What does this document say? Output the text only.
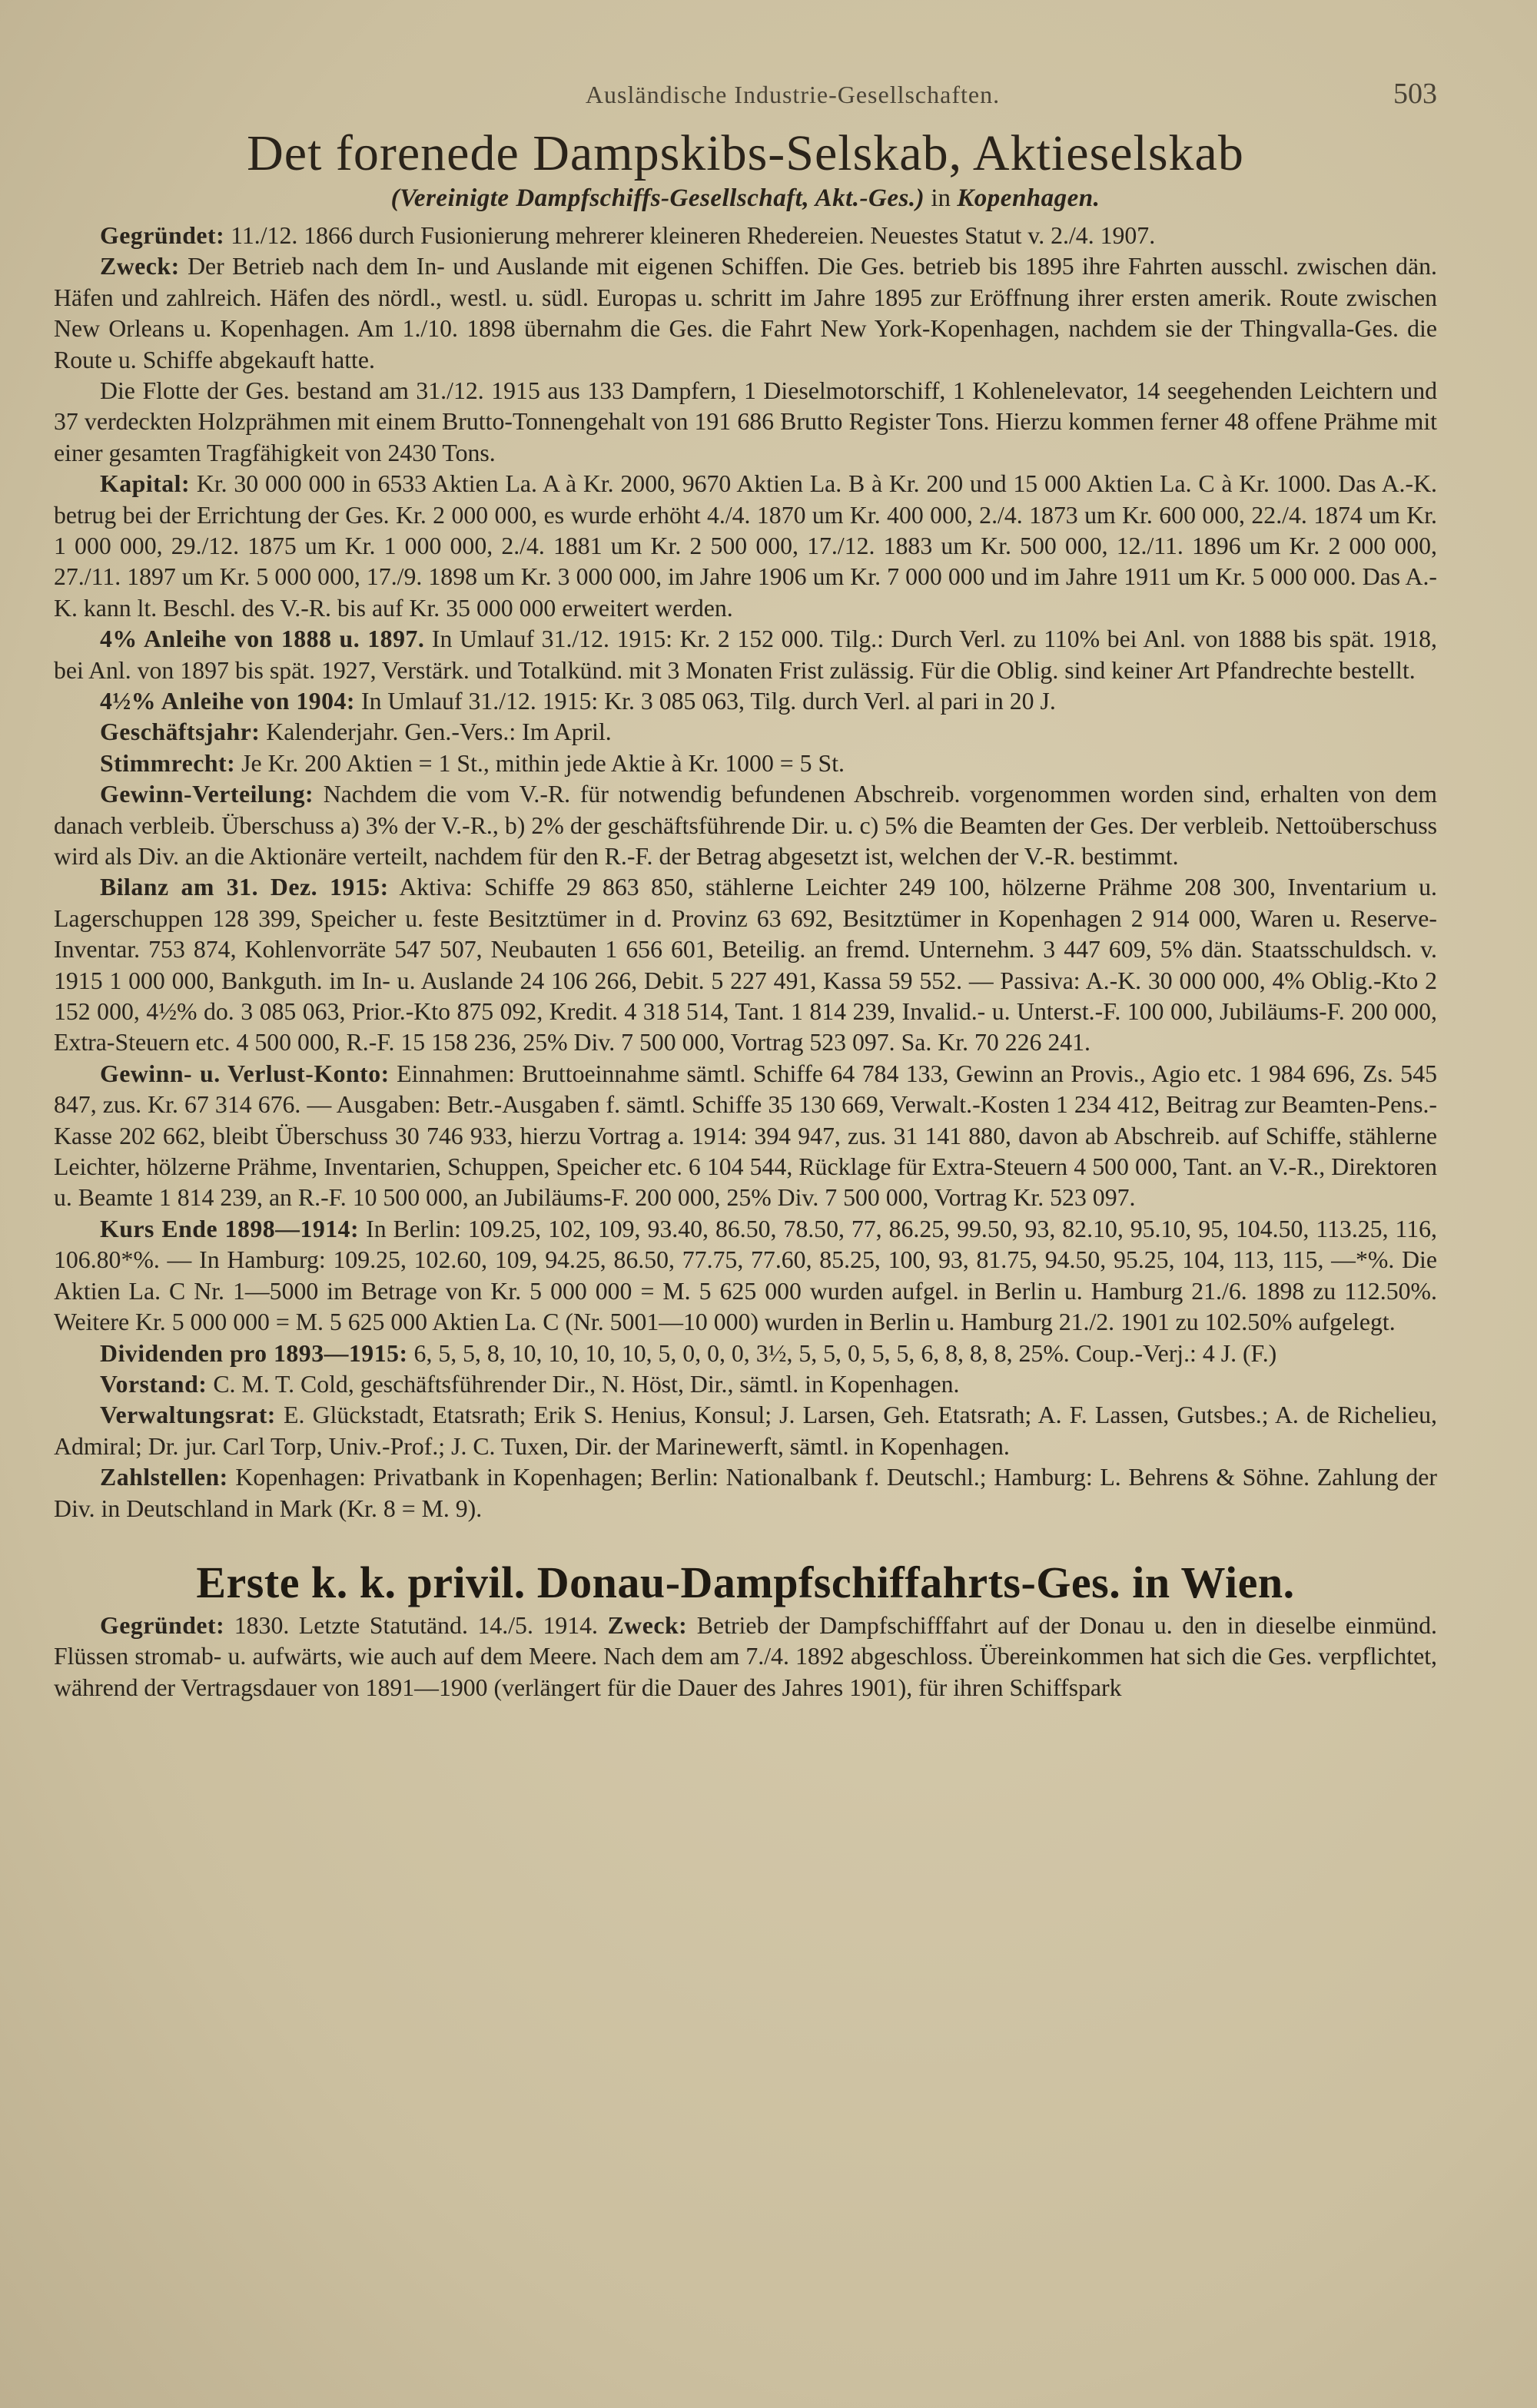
Ausländische Industrie-Gesellschaften.	503
Det forenede Dampskibs-Selskab, Aktieselskab
(Vereinigte Dampfschiffs-Gesellschaft, Akt.-Ges.) in Kopenhagen.

Gegründet: 11./12. 1866 durch Fusionierung mehrerer kleineren Rhedereien. Neuestes Statut v. 2./4. 1907.

Zweck: Der Betrieb nach dem In- und Auslande mit eigenen Schiffen. Die Ges. betrieb bis 1895 ihre Fahrten ausschl. zwischen dän. Häfen und zahlreich. Häfen des nördl., westl. u. südl. Europas u. schritt im Jahre 1895 zur Eröffnung ihrer ersten amerik. Route zwischen New Orleans u. Kopenhagen. Am 1./10. 1898 übernahm die Ges. die Fahrt New York-Kopenhagen, nachdem sie der Thingvalla-Ges. die Route u. Schiffe abgekauft hatte.

Die Flotte der Ges. bestand am 31./12. 1915 aus 133 Dampfern, 1 Dieselmotorschiff, 1 Kohlenelevator, 14 seegehenden Leichtern und 37 verdeckten Holzprähmen mit einem Brutto-Tonnengehalt von 191 686 Brutto Register Tons. Hierzu kommen ferner 48 offene Prähme mit einer gesamten Tragfähigkeit von 2430 Tons.

Kapital: Kr. 30 000 000 in 6533 Aktien La. A à Kr. 2000, 9670 Aktien La. B à Kr. 200 und 15 000 Aktien La. C à Kr. 1000. Das A.-K. betrug bei der Errichtung der Ges. Kr. 2 000 000, es wurde erhöht 4./4. 1870 um Kr. 400 000, 2./4. 1873 um Kr. 600 000, 22./4. 1874 um Kr. 1 000 000, 29./12. 1875 um Kr. 1 000 000, 2./4. 1881 um Kr. 2 500 000, 17./12. 1883 um Kr. 500 000, 12./11. 1896 um Kr. 2 000 000, 27./11. 1897 um Kr. 5 000 000, 17./9. 1898 um Kr. 3 000 000, im Jahre 1906 um Kr. 7 000 000 und im Jahre 1911 um Kr. 5 000 000. Das A.-K. kann lt. Beschl. des V.-R. bis auf Kr. 35 000 000 erweitert werden.

4% Anleihe von 1888 u. 1897. In Umlauf 31./12. 1915: Kr. 2 152 000. Tilg.: Durch Verl. zu 110% bei Anl. von 1888 bis spät. 1918, bei Anl. von 1897 bis spät. 1927, Verstärk. und Totalkünd. mit 3 Monaten Frist zulässig. Für die Oblig. sind keiner Art Pfandrechte bestellt.

4½% Anleihe von 1904: In Umlauf 31./12. 1915: Kr. 3 085 063, Tilg. durch Verl. al pari in 20 J.

Geschäftsjahr: Kalenderjahr. Gen.-Vers.: Im April.

Stimmrecht: Je Kr. 200 Aktien = 1 St., mithin jede Aktie à Kr. 1000 = 5 St.

Gewinn-Verteilung: Nachdem die vom V.-R. für notwendig befundenen Abschreib. vorgenommen worden sind, erhalten von dem danach verbleib. Überschuss a) 3% der V.-R., b) 2% der geschäftsführende Dir. u. c) 5% die Beamten der Ges. Der verbleib. Nettoüberschuss wird als Div. an die Aktionäre verteilt, nachdem für den R.-F. der Betrag abgesetzt ist, welchen der V.-R. bestimmt.

Bilanz am 31. Dez. 1915: Aktiva: Schiffe 29 863 850, stählerne Leichter 249 100, hölzerne Prähme 208 300, Inventarium u. Lagerschuppen 128 399, Speicher u. feste Besitztümer in d. Provinz 63 692, Besitztümer in Kopenhagen 2 914 000, Waren u. Reserve-Inventar. 753 874, Kohlenvorräte 547 507, Neubauten 1 656 601, Beteilig. an fremd. Unternehm. 3 447 609, 5% dän. Staatsschuldsch. v. 1915 1 000 000, Bankguth. im In- u. Auslande 24 106 266, Debit. 5 227 491, Kassa 59 552. — Passiva: A.-K. 30 000 000, 4% Oblig.-Kto 2 152 000, 4½% do. 3 085 063, Prior.-Kto 875 092, Kredit. 4 318 514, Tant. 1 814 239, Invalid.- u. Unterst.-F. 100 000, Jubiläums-F. 200 000, Extra-Steuern etc. 4 500 000, R.-F. 15 158 236, 25% Div. 7 500 000, Vortrag 523 097. Sa. Kr. 70 226 241.

Gewinn- u. Verlust-Konto: Einnahmen: Bruttoeinnahme sämtl. Schiffe 64 784 133, Gewinn an Provis., Agio etc. 1 984 696, Zs. 545 847, zus. Kr. 67 314 676. — Ausgaben: Betr.-Ausgaben f. sämtl. Schiffe 35 130 669, Verwalt.-Kosten 1 234 412, Beitrag zur Beamten-Pens.-Kasse 202 662, bleibt Überschuss 30 746 933, hierzu Vortrag a. 1914: 394 947, zus. 31 141 880, davon ab Abschreib. auf Schiffe, stählerne Leichter, hölzerne Prähme, Inventarien, Schuppen, Speicher etc. 6 104 544, Rücklage für Extra-Steuern 4 500 000, Tant. an V.-R., Direktoren u. Beamte 1 814 239, an R.-F. 10 500 000, an Jubiläums-F. 200 000, 25% Div. 7 500 000, Vortrag Kr. 523 097.

Kurs Ende 1898—1914: In Berlin: 109.25, 102, 109, 93.40, 86.50, 78.50, 77, 86.25, 99.50, 93, 82.10, 95.10, 95, 104.50, 113.25, 116, 106.80*%. — In Hamburg: 109.25, 102.60, 109, 94.25, 86.50, 77.75, 77.60, 85.25, 100, 93, 81.75, 94.50, 95.25, 104, 113, 115, —*%. Die Aktien La. C Nr. 1—5000 im Betrage von Kr. 5 000 000 = M. 5 625 000 wurden aufgel. in Berlin u. Hamburg 21./6. 1898 zu 112.50%. Weitere Kr. 5 000 000 = M. 5 625 000 Aktien La. C (Nr. 5001—10 000) wurden in Berlin u. Hamburg 21./2. 1901 zu 102.50% aufgelegt.

Dividenden pro 1893—1915: 6, 5, 5, 8, 10, 10, 10, 10, 5, 0, 0, 0, 3½, 5, 5, 0, 5, 5, 6, 8, 8, 8, 25%. Coup.-Verj.: 4 J. (F.)

Vorstand: C. M. T. Cold, geschäftsführender Dir., N. Höst, Dir., sämtl. in Kopenhagen.

Verwaltungsrat: E. Glückstadt, Etatsrath; Erik S. Henius, Konsul; J. Larsen, Geh. Etatsrath; A. F. Lassen, Gutsbes.; A. de Richelieu, Admiral; Dr. jur. Carl Torp, Univ.-Prof.; J. C. Tuxen, Dir. der Marinewerft, sämtl. in Kopenhagen.

Zahlstellen: Kopenhagen: Privatbank in Kopenhagen; Berlin: Nationalbank f. Deutschl.; Hamburg: L. Behrens & Söhne. Zahlung der Div. in Deutschland in Mark (Kr. 8 = M. 9).

Erste k. k. privil. Donau-Dampfschiffahrts-Ges. in Wien.

Gegründet: 1830. Letzte Statutänd. 14./5. 1914. Zweck: Betrieb der Dampfschifffahrt auf der Donau u. den in dieselbe einmünd. Flüssen stromab- u. aufwärts, wie auch auf dem Meere. Nach dem am 7./4. 1892 abgeschloss. Übereinkommen hat sich die Ges. verpflichtet, während der Vertragsdauer von 1891—1900 (verlängert für die Dauer des Jahres 1901), für ihren Schiffspark
